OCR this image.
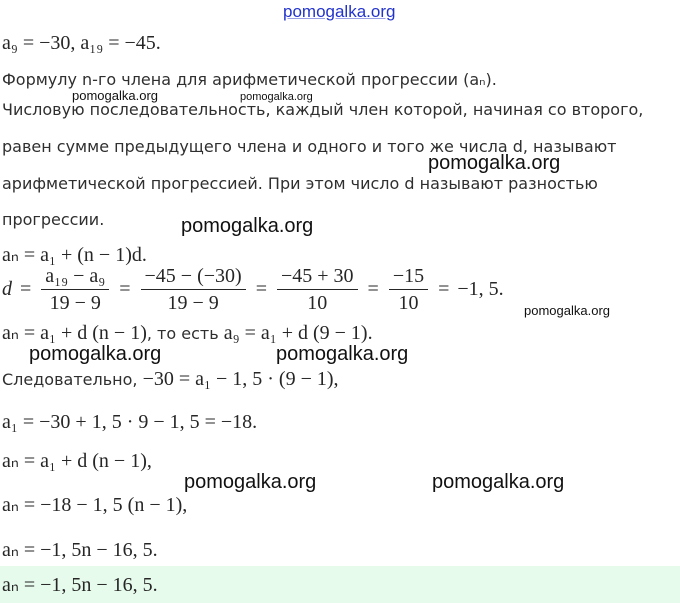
pomogalka.org
pomogalka.org	pomogalka.org
pomogalka.org
pomogalka.org
pomogalka.org
pomogalka.org	pomogalka.org
pomogalka.org	pomogalka.org
a₉ = −30, a₁₉ = −45.
Формулу n-го члена для арифметической прогрессии (aₙ).
Числовую последовательность, каждый член которой, начиная со второго,
равен сумме предыдущего члена и одного и того же числа d, называют
арифметической прогрессией. При этом число d называют разностью
прогрессии.
aₙ = a₁ + (n − 1)d.
$d = \frac{\text{a₁₉ − a₉}}{19 - 9} = \frac{-45 - (-30)}{19 - 9} = \frac{-45 + 30}{10} = \frac{-15}{10} = -1$, 5.
aₙ = a₁ + d (n − 1), то есть a₉ = a₁ + d (9 − 1).
Следовательно, −30 = a₁ − 1, 5 · (9 − 1),
a₁ = −30 + 1, 5 · 9 − 1, 5 = −18.
aₙ = a₁ + d (n − 1),
aₙ = −18 − 1, 5 (n − 1),
aₙ = −1, 5n − 16, 5.
aₙ = −1, 5n − 16, 5.
